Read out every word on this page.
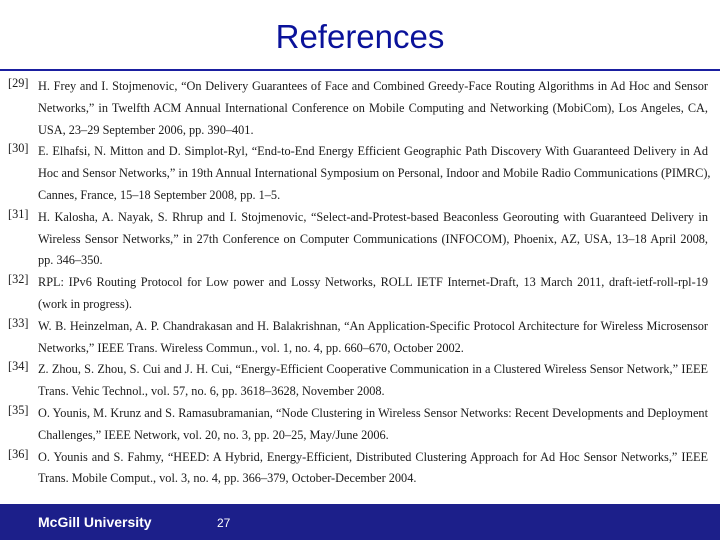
References
[29] H. Frey and I. Stojmenovic, “On Delivery Guarantees of Face and Combined Greedy-Face Routing Algorithms in Ad Hoc and Sensor
Networks,” in Twelfth ACM Annual International Conference on Mobile Computing and Networking (MobiCom), Los Angeles, CA,
USA, 23–29 September 2006, pp. 390–401.
[30] E. Elhafsi, N. Mitton and D. Simplot-Ryl, “End-to-End Energy Efficient Geographic Path Discovery With Guaranteed Delivery in Ad
Hoc and Sensor Networks,” in 19th Annual International Symposium on Personal, Indoor and Mobile Radio Communications (PIMRC),
Cannes, France, 15–18 September 2008, pp. 1–5.
[31] H. Kalosha, A. Nayak, S. Rhrup and I. Stojmenovic, “Select-and-Protest-based Beaconless Georouting with Guaranteed Delivery in
Wireless Sensor Networks,” in 27th Conference on Computer Communications (INFOCOM), Phoenix, AZ, USA, 13–18 April 2008,
pp. 346–350.
[32] RPL: IPv6 Routing Protocol for Low power and Lossy Networks, ROLL IETF Internet-Draft, 13 March 2011, draft-ietf-roll-rpl-19
(work in progress).
[33] W. B. Heinzelman, A. P. Chandrakasan and H. Balakrishnan, “An Application-Specific Protocol Architecture for Wireless Microsensor
Networks,” IEEE Trans. Wireless Commun., vol. 1, no. 4, pp. 660–670, October 2002.
[34] Z. Zhou, S. Zhou, S. Cui and J. H. Cui, “Energy-Efficient Cooperative Communication in a Clustered Wireless Sensor Network,” IEEE
Trans. Vehic Technol., vol. 57, no. 6, pp. 3618–3628, November 2008.
[35] O. Younis, M. Krunz and S. Ramasubramanian, “Node Clustering in Wireless Sensor Networks: Recent Developments and Deployment
Challenges,” IEEE Network, vol. 20, no. 3, pp. 20–25, May/June 2006.
[36] O. Younis and S. Fahmy, “HEED: A Hybrid, Energy-Efficient, Distributed Clustering Approach for Ad Hoc Sensor Networks,” IEEE
Trans. Mobile Comput., vol. 3, no. 4, pp. 366–379, October-December 2004.
McGill University	27
